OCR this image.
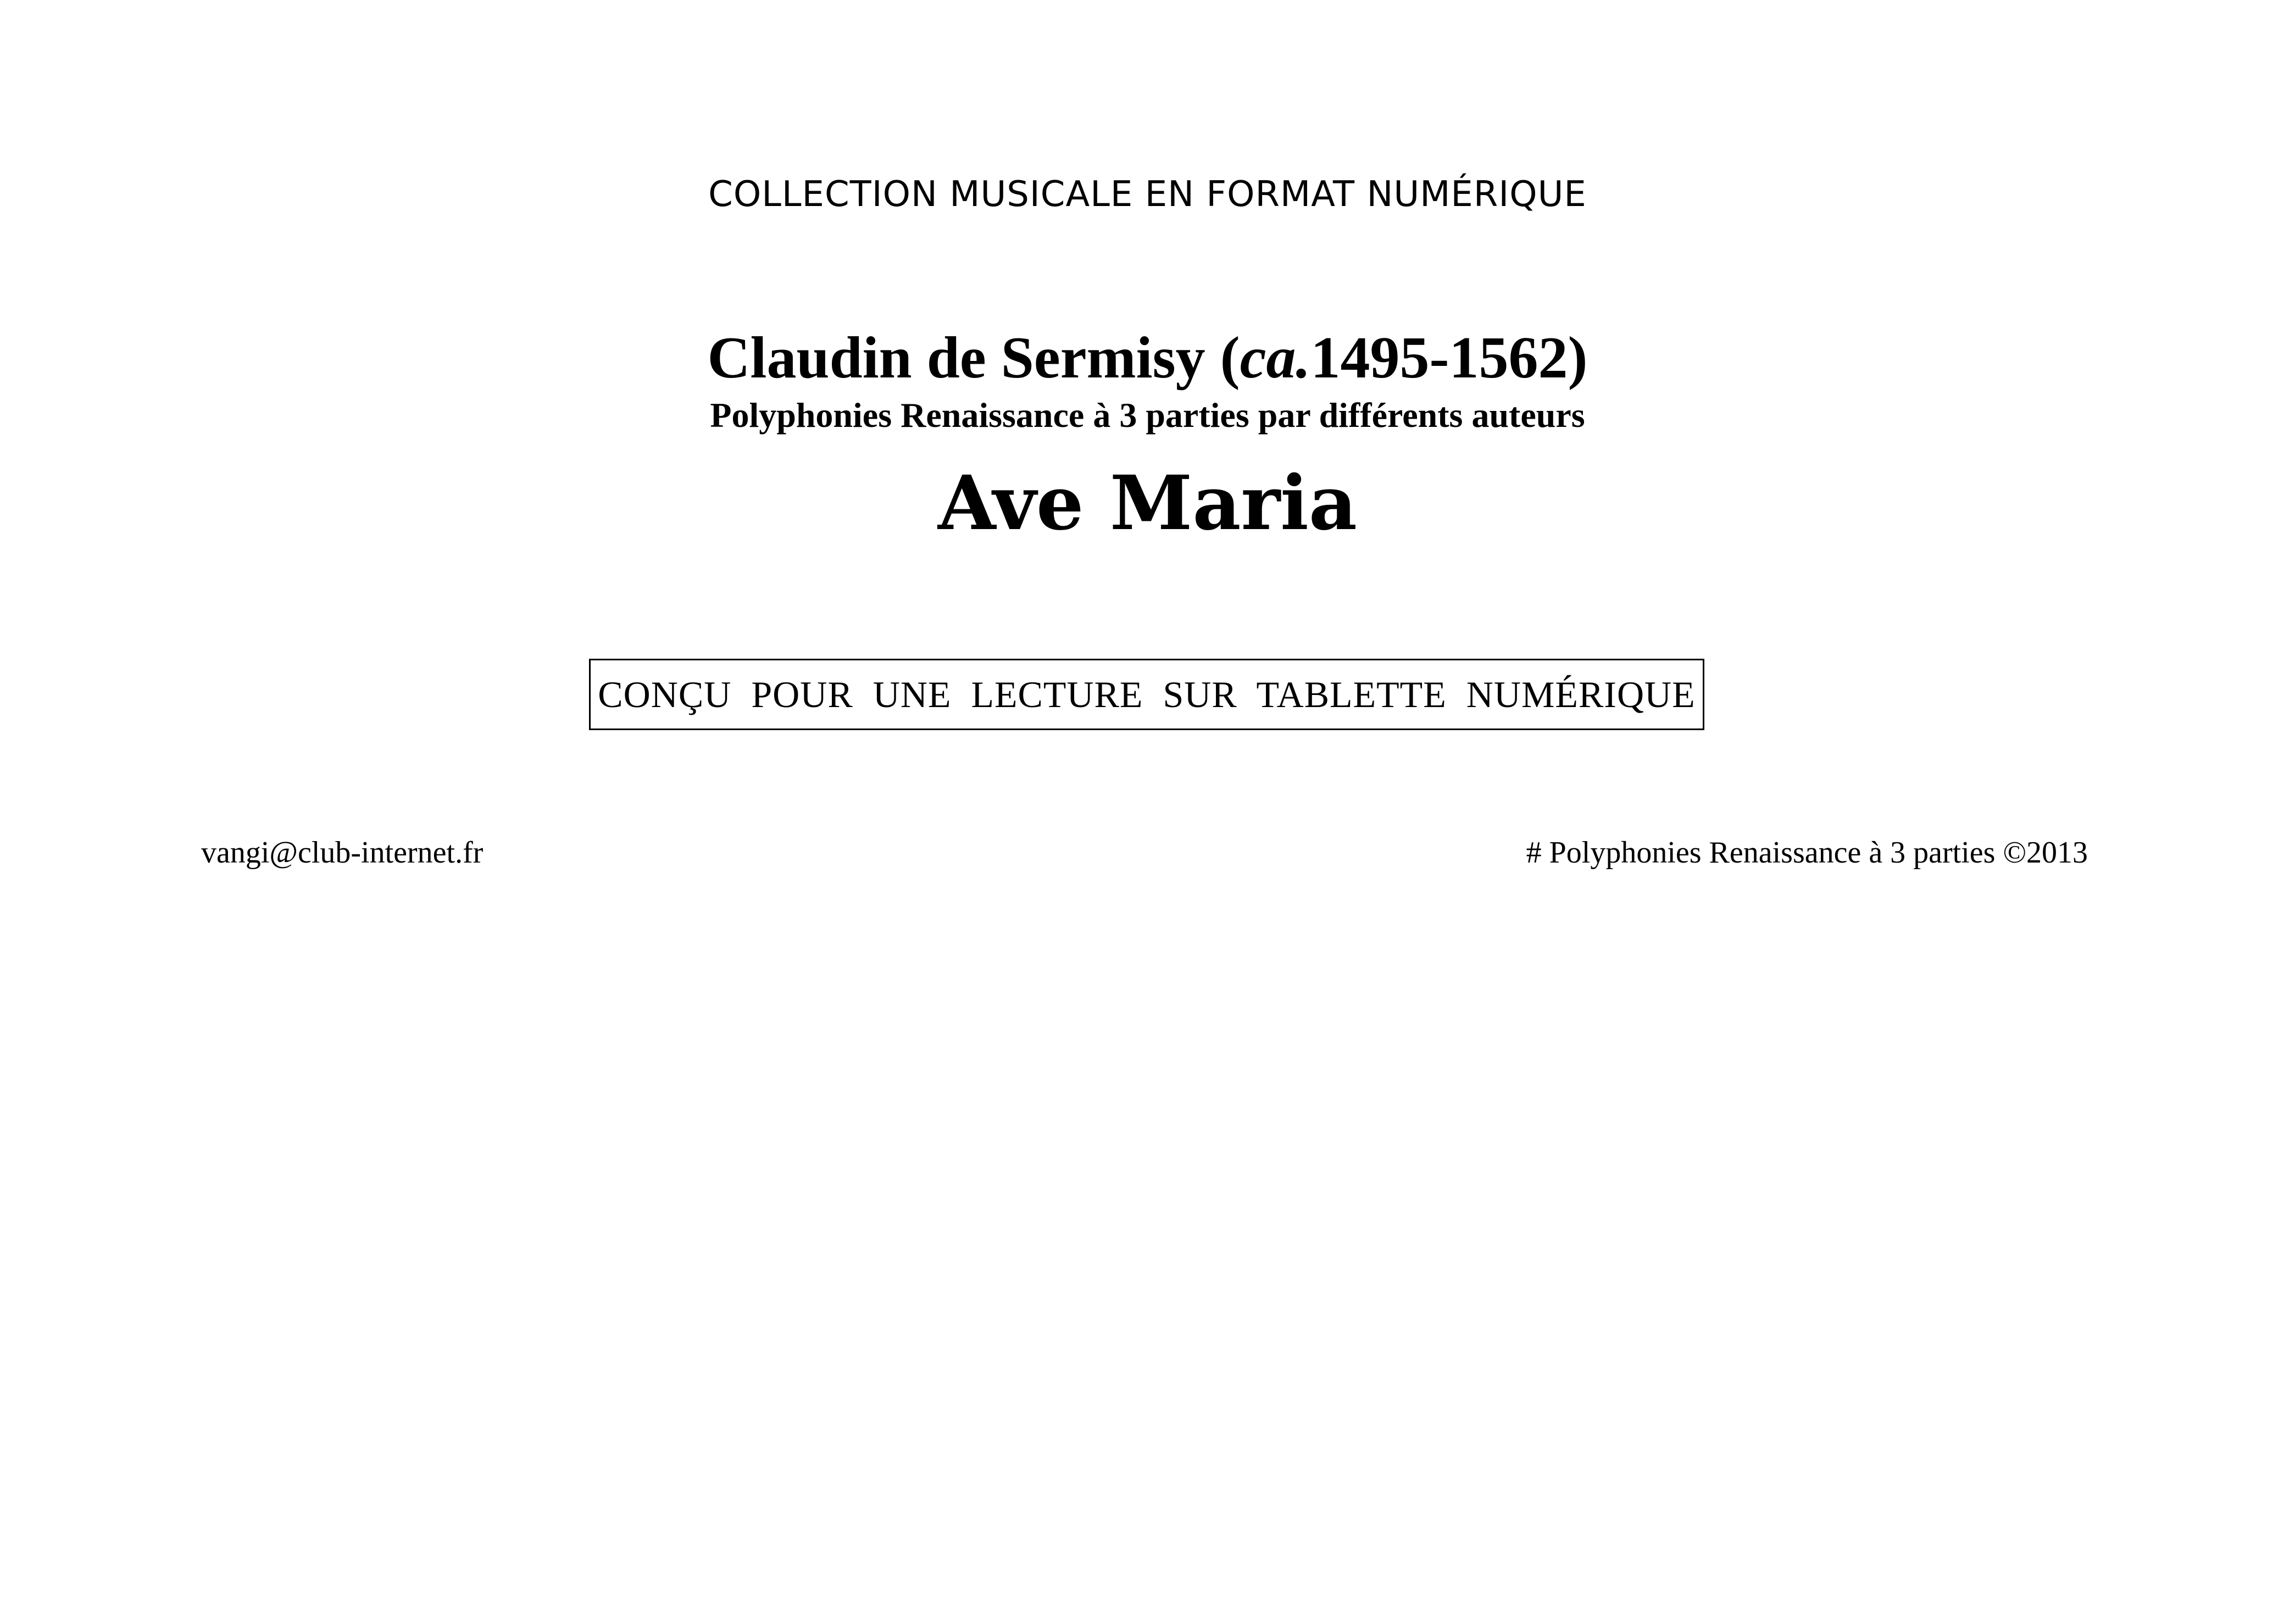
COLLECTION MUSICALE EN FORMAT NUMÉRIQUE
Claudin de Sermisy (ca.1495-1562)
Polyphonies Renaissance à 3 parties par différents auteurs
Ave Maria
CONÇU POUR UNE LECTURE SUR TABLETTE NUMÉRIQUE
vangi@club-internet.fr	# Polyphonies Renaissance à 3 parties ©2013
